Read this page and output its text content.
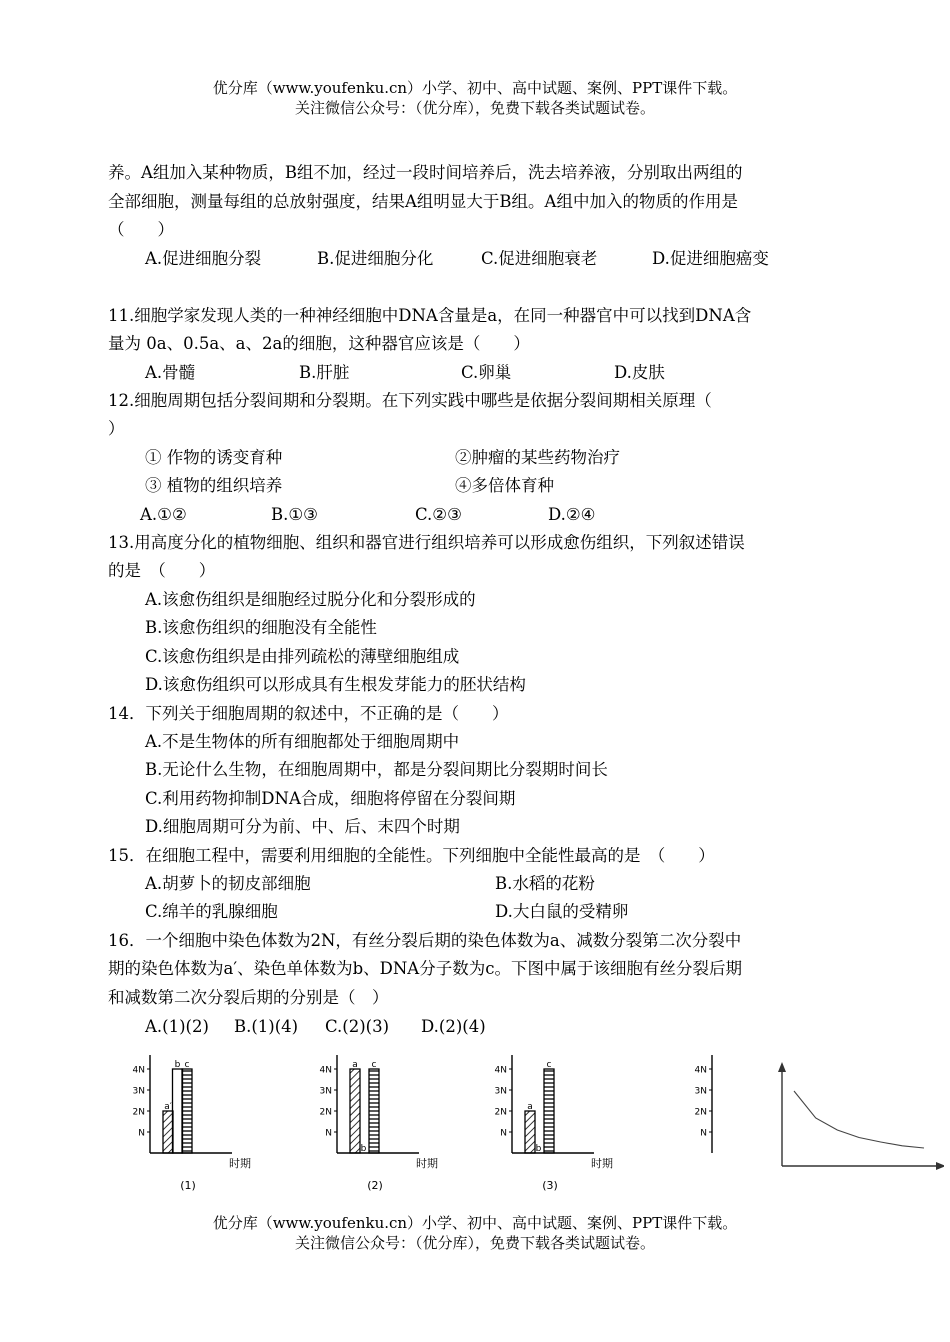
优分库（www.youfenku.cn）小学、初中、高中试题、案例、PPT课件下载。
关注微信公众号：（优分库），免费下载各类试题试卷。
养。A组加入某种物质，B组不加，经过一段时间培养后，洗去培养液，分别取出两组的
全部细胞，测量每组的总放射强度，结果A组明显大于B组。A组中加入的物质的作用是
（　　）
A.促进细胞分裂	B.促进细胞分化	C.促进细胞衰老	D.促进细胞癌变
11.细胞学家发现人类的一种神经细胞中DNA含量是a，在同一种器官中可以找到DNA含
量为 0a、0.5a、a、2a的细胞，这种器官应该是（　　）
A.骨髓	B.肝脏	C.卵巢	D.皮肤
12.细胞周期包括分裂间期和分裂期。在下列实践中哪些是依据分裂间期相关原理（
）
① 作物的诱变育种	②肿瘤的某些药物治疗
③ 植物的组织培养	④多倍体育种
A.①②	B.①③	C.②③	D.②④
13.用高度分化的植物细胞、组织和器官进行组织培养可以形成愈伤组织，下列叙述错误
的是　（　　）
A.该愈伤组织是细胞经过脱分化和分裂形成的
B.该愈伤组织的细胞没有全能性
C.该愈伤组织是由排列疏松的薄壁细胞组成
D.该愈伤组织可以形成具有生根发芽能力的胚状结构
14．下列关于细胞周期的叙述中，不正确的是（　　）
A.不是生物体的所有细胞都处于细胞周期中
B.无论什么生物，在细胞周期中，都是分裂间期比分裂期时间长
C.利用药物抑制DNA合成，细胞将停留在分裂间期
D.细胞周期可分为前、中、后、末四个时期
15．在细胞工程中，需要利用细胞的全能性。下列细胞中全能性最高的是　（　　）
A.胡萝卜的韧皮部细胞	B.水稻的花粉
C.绵羊的乳腺细胞	D.大白鼠的受精卵
16．一个细胞中染色体数为2N，有丝分裂后期的染色体数为a、减数分裂第二次分裂中
期的染色体数为a′、染色单体数为b、DNA分子数为c。下图中属于该细胞有丝分裂后期
和减数第二次分裂后期的分别是（　）
A.(1)(2) B.(1)(4) C.(2)(3) D.(2)(4)
N
2N
3N
4N
a′
b c
时期
(1)
N
2N
3N
4N
a
b
c
时期
(2)
N
2N
3N
4N
a
b
c
时期
(3)
N
2N
3N
4N
优分库（www.youfenku.cn）小学、初中、高中试题、案例、PPT课件下载。
关注微信公众号：（优分库），免费下载各类试题试卷。
